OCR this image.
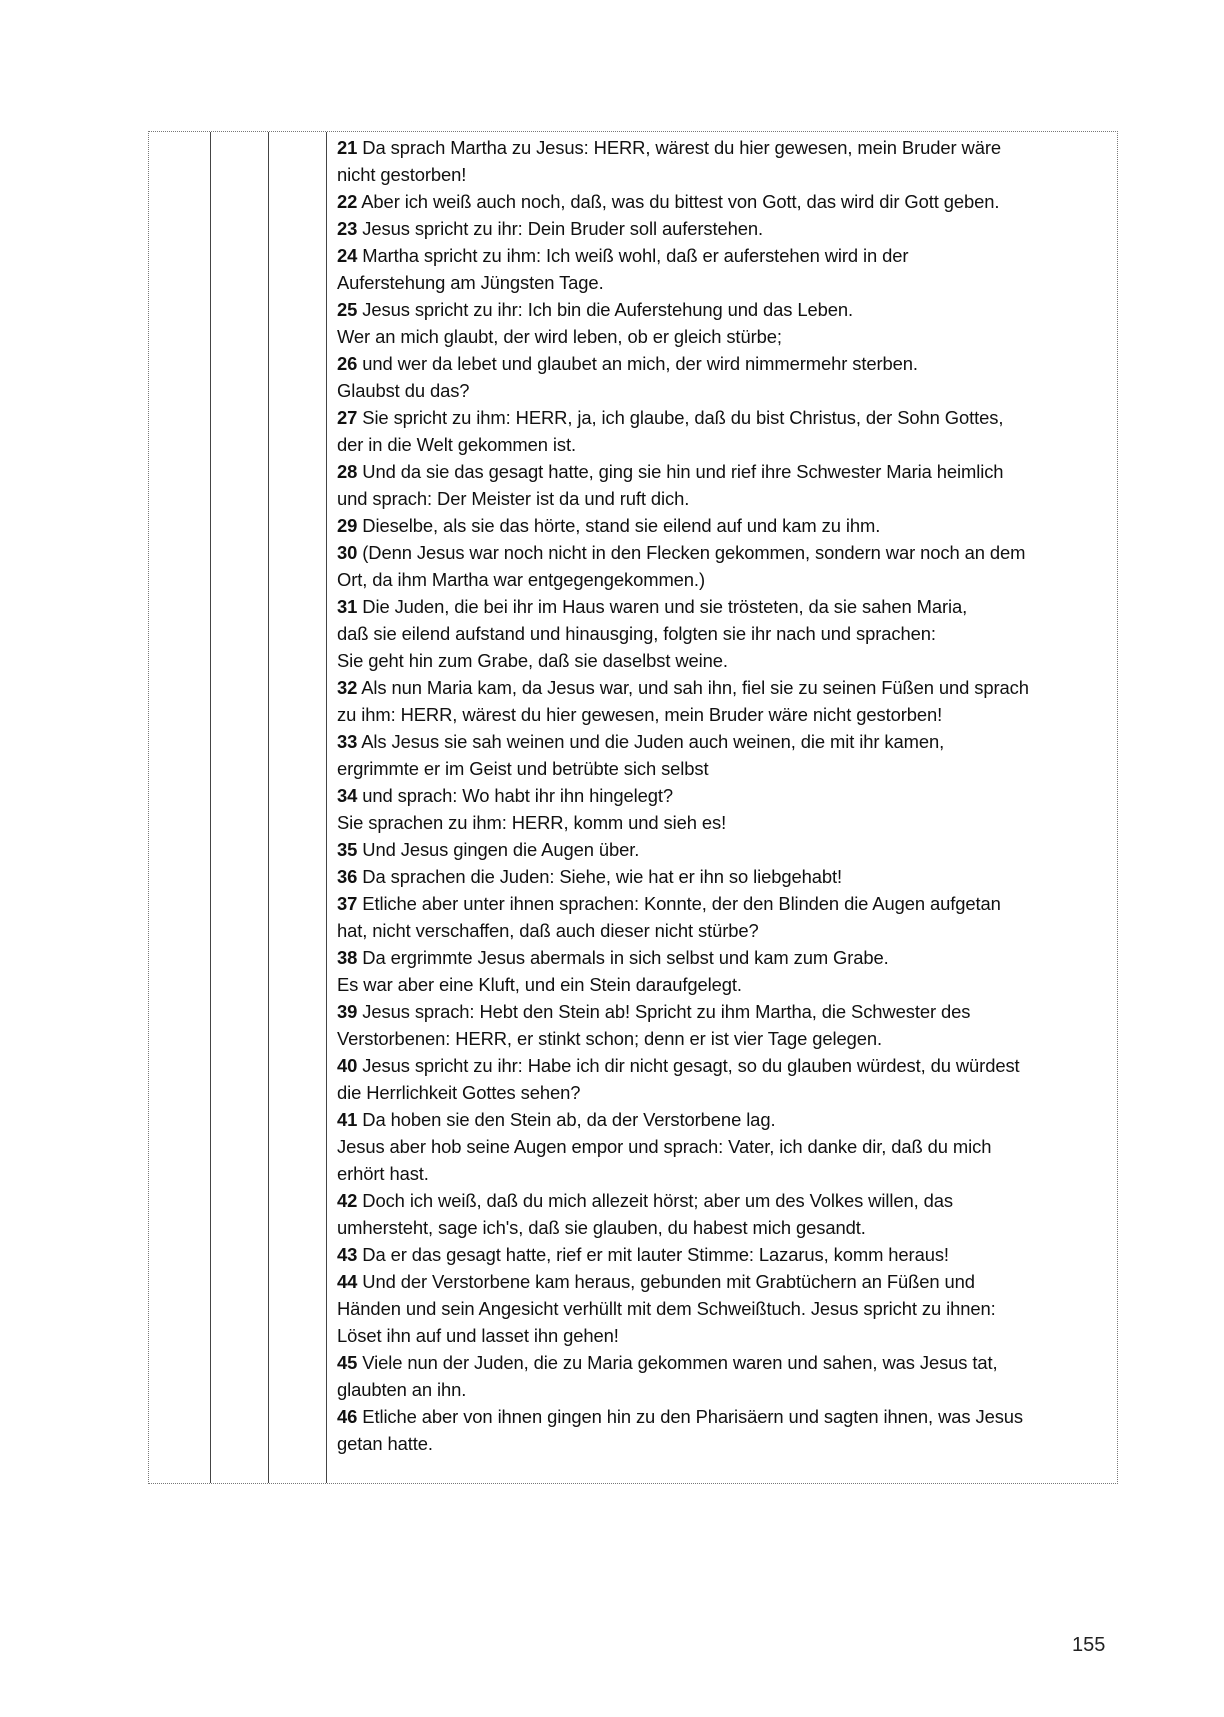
21 Da sprach Martha zu Jesus: HERR, wärest du hier gewesen, mein Bruder wäre
nicht gestorben!
22 Aber ich weiß auch noch, daß, was du bittest von Gott, das wird dir Gott geben.
23 Jesus spricht zu ihr: Dein Bruder soll auferstehen.
24 Martha spricht zu ihm: Ich weiß wohl, daß er auferstehen wird in der
Auferstehung am Jüngsten Tage.
25 Jesus spricht zu ihr: Ich bin die Auferstehung und das Leben.
Wer an mich glaubt, der wird leben, ob er gleich stürbe;
26 und wer da lebet und glaubet an mich, der wird nimmermehr sterben.
Glaubst du das?
27 Sie spricht zu ihm: HERR, ja, ich glaube, daß du bist Christus, der Sohn Gottes,
der in die Welt gekommen ist.
28 Und da sie das gesagt hatte, ging sie hin und rief ihre Schwester Maria heimlich
und sprach: Der Meister ist da und ruft dich.
29 Dieselbe, als sie das hörte, stand sie eilend auf und kam zu ihm.
30 (Denn Jesus war noch nicht in den Flecken gekommen, sondern war noch an dem
Ort, da ihm Martha war entgegengekommen.)
31 Die Juden, die bei ihr im Haus waren und sie trösteten, da sie sahen Maria,
daß sie eilend aufstand und hinausging, folgten sie ihr nach und sprachen:
Sie geht hin zum Grabe, daß sie daselbst weine.
32 Als nun Maria kam, da Jesus war, und sah ihn, fiel sie zu seinen Füßen und sprach
zu ihm: HERR, wärest du hier gewesen, mein Bruder wäre nicht gestorben!
33 Als Jesus sie sah weinen und die Juden auch weinen, die mit ihr kamen,
ergrimmte er im Geist und betrübte sich selbst
34 und sprach: Wo habt ihr ihn hingelegt?
Sie sprachen zu ihm: HERR, komm und sieh es!
35 Und Jesus gingen die Augen über.
36 Da sprachen die Juden: Siehe, wie hat er ihn so liebgehabt!
37 Etliche aber unter ihnen sprachen: Konnte, der den Blinden die Augen aufgetan
hat, nicht verschaffen, daß auch dieser nicht stürbe?
38 Da ergrimmte Jesus abermals in sich selbst und kam zum Grabe.
Es war aber eine Kluft, und ein Stein daraufgelegt.
39 Jesus sprach: Hebt den Stein ab! Spricht zu ihm Martha, die Schwester des
Verstorbenen: HERR, er stinkt schon; denn er ist vier Tage gelegen.
40 Jesus spricht zu ihr: Habe ich dir nicht gesagt, so du glauben würdest, du würdest
die Herrlichkeit Gottes sehen?
41 Da hoben sie den Stein ab, da der Verstorbene lag.
Jesus aber hob seine Augen empor und sprach: Vater, ich danke dir, daß du mich
erhört hast.
42 Doch ich weiß, daß du mich allezeit hörst; aber um des Volkes willen, das
umhersteht, sage ich's, daß sie glauben, du habest mich gesandt.
43 Da er das gesagt hatte, rief er mit lauter Stimme: Lazarus, komm heraus!
44 Und der Verstorbene kam heraus, gebunden mit Grabtüchern an Füßen und
Händen und sein Angesicht verhüllt mit dem Schweißtuch. Jesus spricht zu ihnen:
Löset ihn auf und lasset ihn gehen!
45 Viele nun der Juden, die zu Maria gekommen waren und sahen, was Jesus tat,
glaubten an ihn.
46 Etliche aber von ihnen gingen hin zu den Pharisäern und sagten ihnen, was Jesus
getan hatte.
155
